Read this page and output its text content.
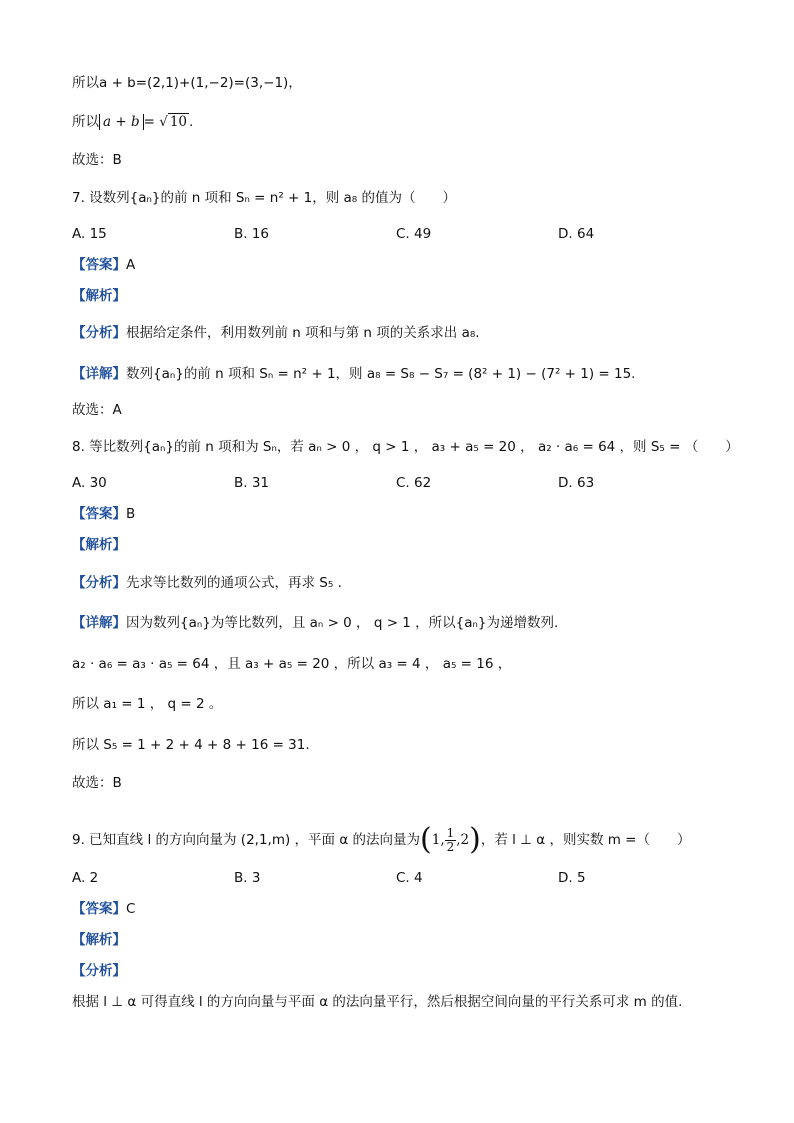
所以a + b=(2,1)+(1,−2)=(3,−1)，
所以 a + b = √ 10 .
故选：B
7. 设数列{aₙ}的前 n 项和 Sₙ = n² + 1，则 a₈ 的值为（　　）
A. 15	B. 16	C. 49	D. 64
【答案】A
【解析】
【分析】根据给定条件，利用数列前 n 项和与第 n 项的关系求出 a₈.
【详解】数列{aₙ}的前 n 项和 Sₙ = n² + 1，则 a₈ = S₈ − S₇ = (8² + 1) − (7² + 1) = 15.
故选：A
8. 等比数列{aₙ}的前 n 项和为 Sₙ，若 aₙ > 0 ， q > 1 ， a₃ + a₅ = 20 ， a₂ · a₆ = 64 ，则 S₅ = （　　）
A. 30	B. 31	C. 62	D. 63
【答案】B
【解析】
【分析】先求等比数列的通项公式，再求 S₅ .
【详解】因为数列{aₙ}为等比数列，且 aₙ > 0 ， q > 1 ，所以{aₙ}为递增数列.
a₂ · a₆ = a₃ · a₅ = 64 ，且 a₃ + a₅ = 20 ，所以 a₃ = 4 ， a₅ = 16 ，
所以 a₁ = 1 ， q = 2 。
所以 S₅ = 1 + 2 + 4 + 8 + 16 = 31.
故选：B
9. 已知直线 l 的方向向量为 (2,1,m) ，平面 α 的法向量为(1, $\frac{1}{2} ,2$)，若 l ⊥ α ，则实数 m =（　　）
A. 2	B. 3	C. 4	D. 5
【答案】C
【解析】
【分析】
根据 l ⊥ α 可得直线 l 的方向向量与平面 α 的法向量平行，然后根据空间向量的平行关系可求 m 的值.
